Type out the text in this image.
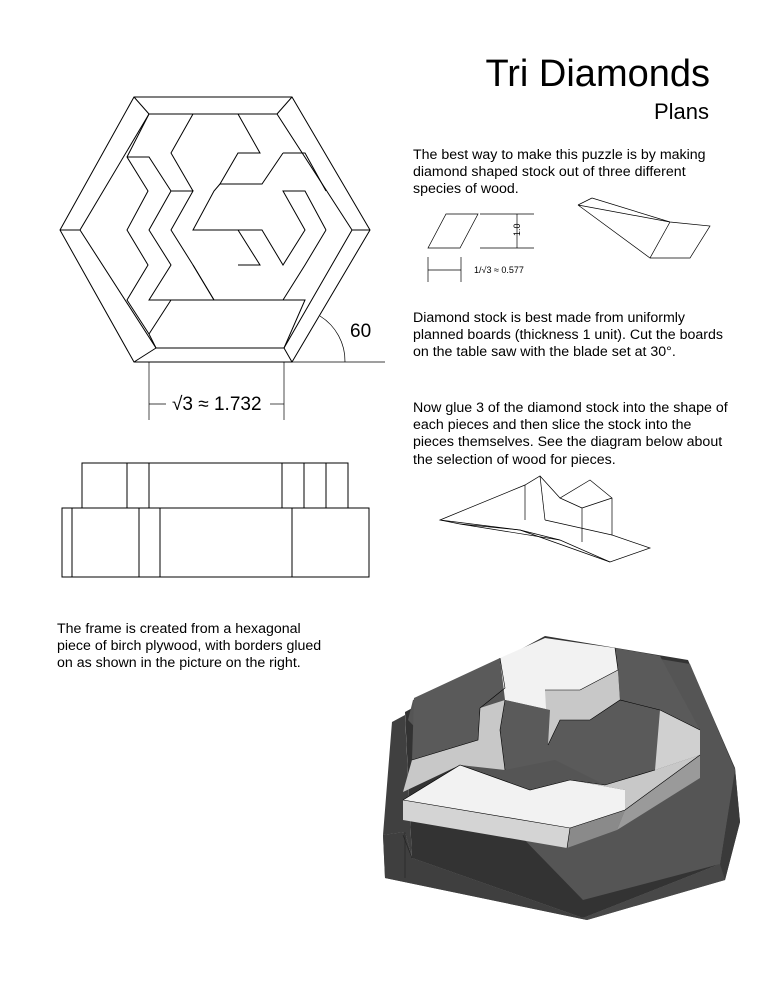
Tri Diamonds
Plans
The best way to make this puzzle is by making diamond shaped stock out of three different species of wood.
Diamond stock is best made from uniformly planned boards (thickness 1 unit). Cut the boards on the table saw with the blade set at 30°.
Now glue 3 of the diamond stock into the shape of each pieces and then slice the stock into the pieces themselves. See the diagram below about the selection of wood for pieces.
The frame is created from a hexagonal piece of birch plywood, with borders glued on as shown in the picture on the right.
60
√3 ≈ 1.732
1.0
1/√3 ≈ 0.577
